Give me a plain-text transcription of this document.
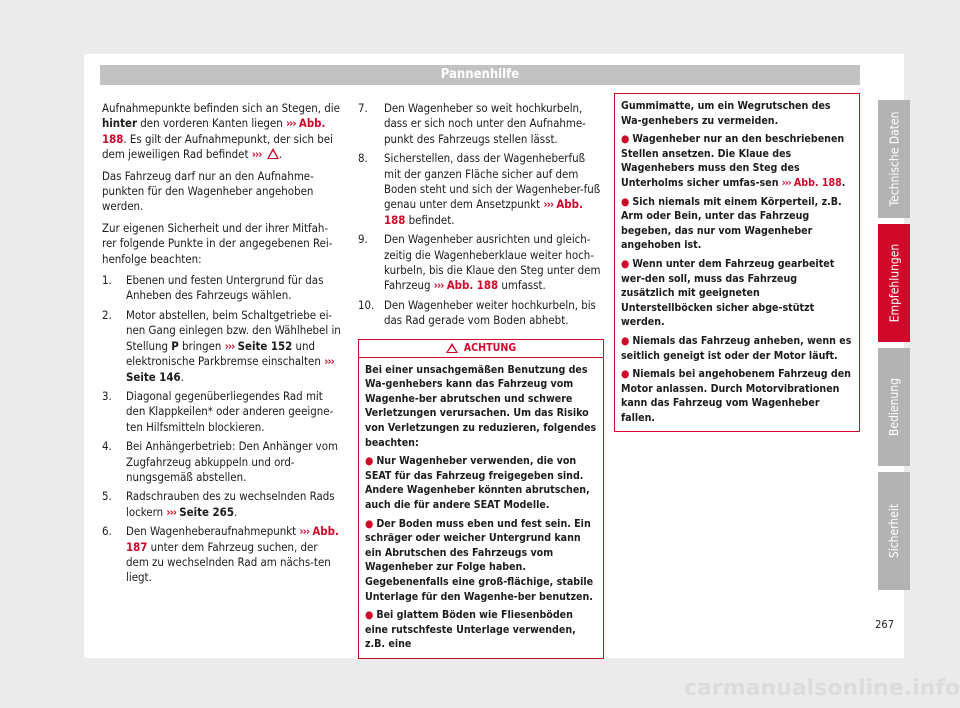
Pannenhilfe

Aufnahmepunkte befinden sich an Stegen, die hinter den vorderen Kanten liegen ››› Abb. 188. Es gilt der Aufnahmepunkt, der sich bei dem jeweiligen Rad befindet ››› .

Das Fahrzeug darf nur an den Aufnahme-punkten für den Wagenheber angehoben werden.

Zur eigenen Sicherheit und der ihrer Mitfah-rer folgende Punkte in der angegebenen Rei-henfolge beachten:

1. Ebenen und festen Untergrund für das Anheben des Fahrzeugs wählen.
2. Motor abstellen, beim Schaltgetriebe ei-nen Gang einlegen bzw. den Wählhebel in Stellung P bringen ››› Seite 152 und elektronische Parkbremse einschalten ››› Seite 146.
3. Diagonal gegenüberliegendes Rad mit den Klappkeilen* oder anderen geeigne-ten Hilfsmitteln blockieren.
4. Bei Anhängerbetrieb: Den Anhänger vom Zugfahrzeug abkuppeln und ord-nungsgemäß abstellen.
5. Radschrauben des zu wechselnden Rads lockern ››› Seite 265.
6. Den Wagenheberaufnahmepunkt ››› Abb. 187 unter dem Fahrzeug suchen, der dem zu wechselnden Rad am nächs-ten liegt.
7. Den Wagenheber so weit hochkurbeln, dass er sich noch unter den Aufnahme-punkt des Fahrzeugs stellen lässt.
8. Sicherstellen, dass der Wagenheberfuß mit der ganzen Fläche sicher auf dem Boden steht und sich der Wagenheber-fuß genau unter dem Ansetzpunkt ››› Abb. 188 befindet.
9. Den Wagenheber ausrichten und gleich-zeitig die Wagenheberklaue weiter hoch-kurbeln, bis die Klaue den Steg unter dem Fahrzeug ››› Abb. 188 umfasst.
10. Den Wagenheber weiter hochkurbeln, bis das Rad gerade vom Boden abhebt.
ACHTUNG

Bei einer unsachgemäßen Benutzung des Wa-genhebers kann das Fahrzeug vom Wagenhe-ber abrutschen und schwere Verletzungen verursachen. Um das Risiko von Verletzungen zu reduzieren, folgendes beachten:

● Nur Wagenheber verwenden, die von SEAT für das Fahrzeug freigegeben sind. Andere Wagenheber könnten abrutschen, auch die für andere SEAT Modelle.

● Der Boden muss eben und fest sein. Ein schräger oder weicher Untergrund kann ein Abrutschen des Fahrzeugs vom Wagenheber zur Folge haben. Gegebenenfalls eine groß-flächige, stabile Unterlage für den Wagenhe-ber benutzen.

● Bei glattem Böden wie Fliesenböden eine rutschfeste Unterlage verwenden, z.B. eine

Gummimatte, um ein Wegrutschen des Wa-genhebers zu vermeiden.

● Wagenheber nur an den beschriebenen Stellen ansetzen. Die Klaue des Wagenhebers muss den Steg des Unterholms sicher umfas-sen ››› Abb. 188.

● Sich niemals mit einem Körperteil, z.B. Arm oder Bein, unter das Fahrzeug begeben, das nur vom Wagenheber angehoben ist.

● Wenn unter dem Fahrzeug gearbeitet wer-den soll, muss das Fahrzeug zusätzlich mit geeigneten Unterstellböcken sicher abge-stützt werden.

● Niemals das Fahrzeug anheben, wenn es seitlich geneigt ist oder der Motor läuft.

● Niemals bei angehobenem Fahrzeug den Motor anlassen. Durch Motorvibrationen kann das Fahrzeug vom Wagenheber fallen.

Technische Daten
Empfehlungen
Bedienung
Sicherheit
267
carmanualsonline.info
